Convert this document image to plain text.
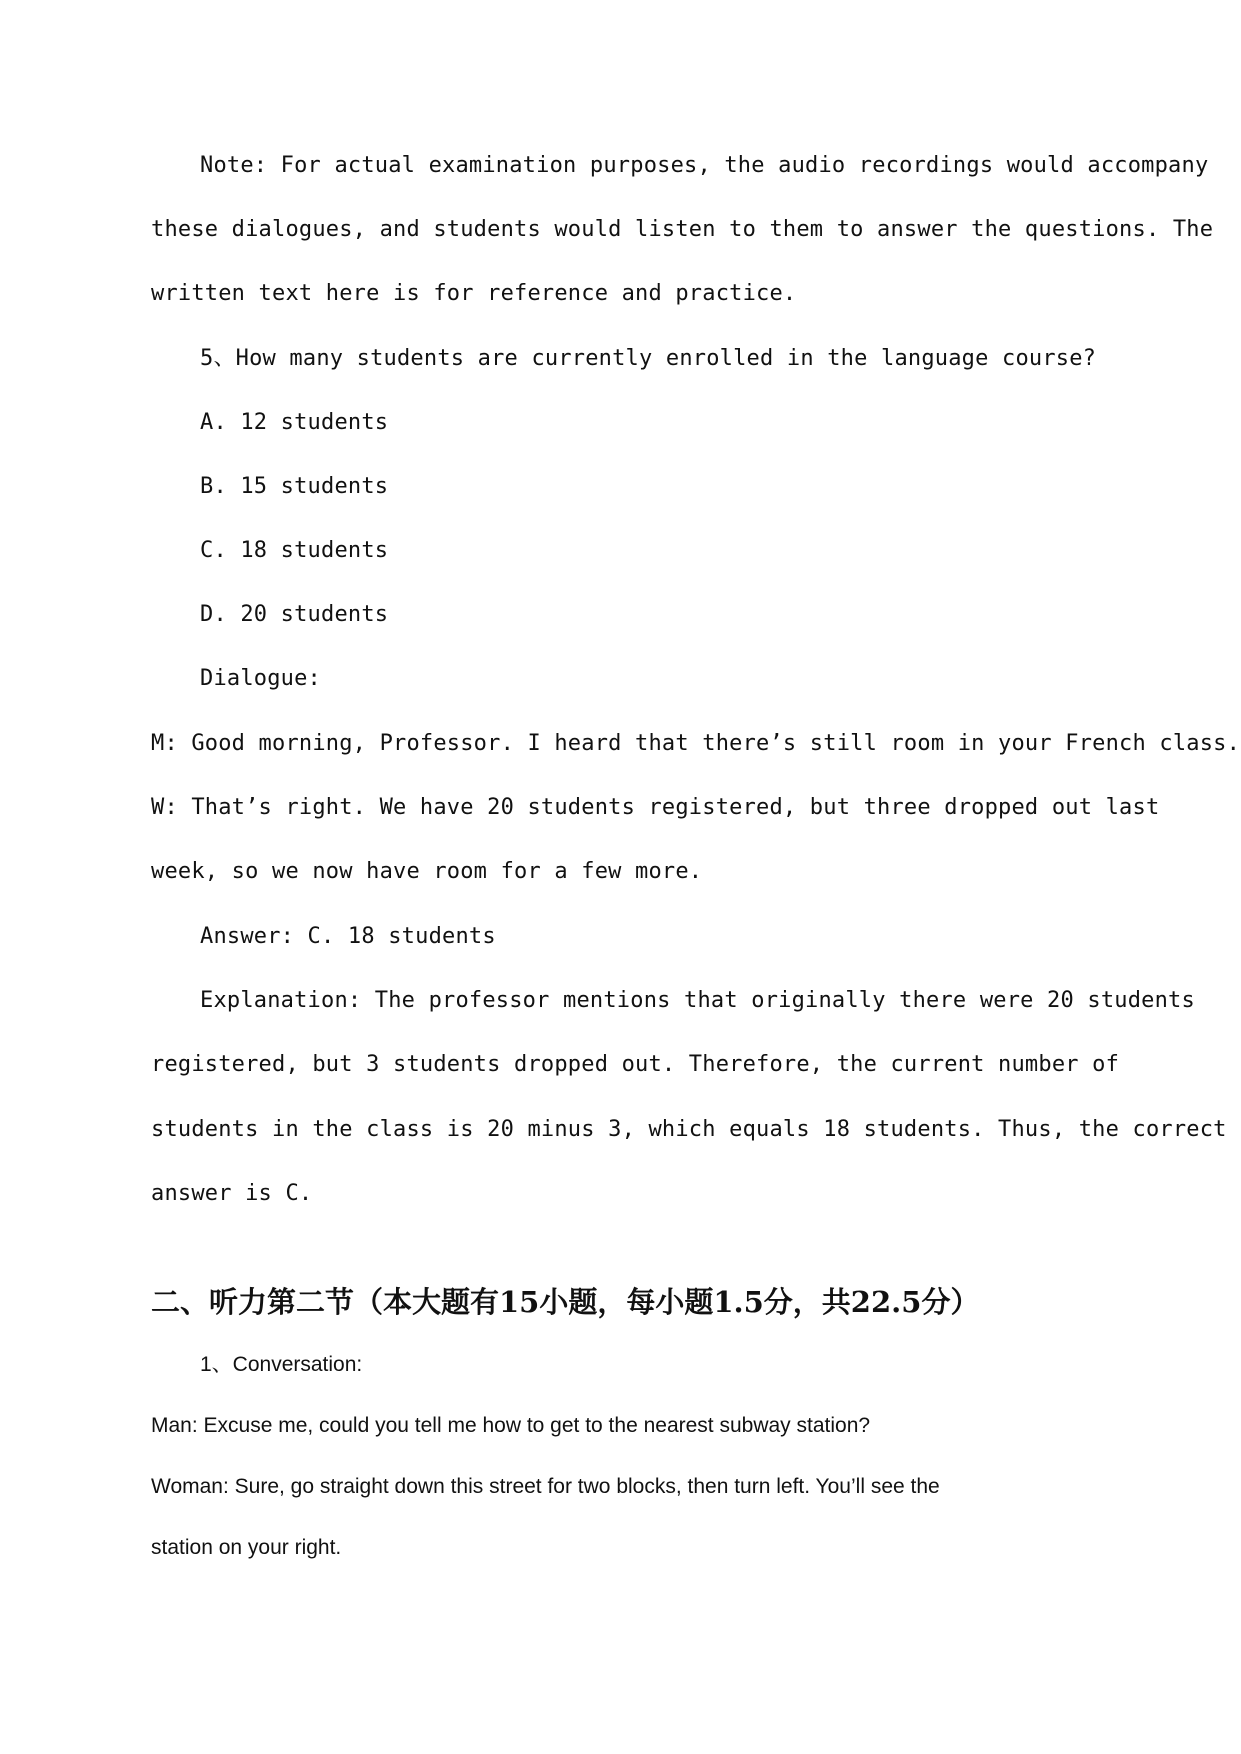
Note: For actual examination purposes, the audio recordings would accompany
these dialogues, and students would listen to them to answer the questions. The
written text here is for reference and practice.
5、How many students are currently enrolled in the language course?
A. 12 students
B. 15 students
C. 18 students
D. 20 students
Dialogue:
M: Good morning, Professor. I heard that there’s still room in your French class.
W: That’s right. We have 20 students registered, but three dropped out last
week, so we now have room for a few more.
Answer: C. 18 students
Explanation: The professor mentions that originally there were 20 students
registered, but 3 students dropped out. Therefore, the current number of
students in the class is 20 minus 3, which equals 18 students. Thus, the correct
answer is C.
二、听力第二节（本大题有15小题，每小题1.5分，共22.5分）
1、Conversation:
Man: Excuse me, could you tell me how to get to the nearest subway station?
Woman: Sure, go straight down this street for two blocks, then turn left. You’ll see the
station on your right.
